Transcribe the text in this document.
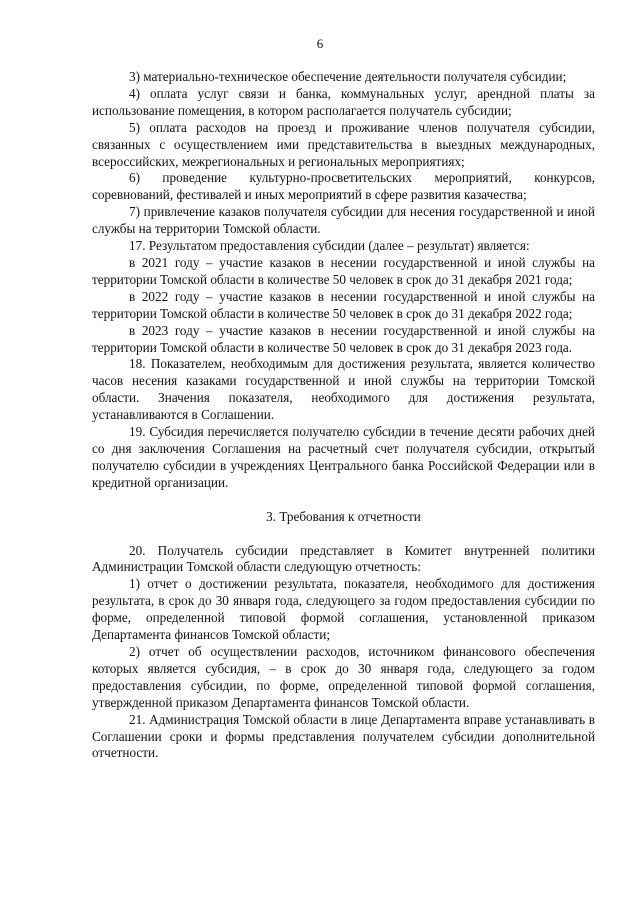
6

3) материально-техническое обеспечение деятельности получателя субсидии;

4) оплата услуг связи и банка, коммунальных услуг, арендной платы за использование помещения, в котором располагается получатель субсидии;

5) оплата расходов на проезд и проживание членов получателя субсидии, связанных с осуществлением ими представительства в выездных международных, всероссийских, межрегиональных и региональных мероприятиях;

6) проведение культурно-просветительских мероприятий, конкурсов, соревнований, фестивалей и иных мероприятий в сфере развития казачества;

7) привлечение казаков получателя субсидии для несения государственной и иной службы на территории Томской области.

17. Результатом предоставления субсидии (далее – результат) является:

в 2021 году – участие казаков в несении государственной и иной службы на территории Томской области в количестве 50 человек в срок до 31 декабря 2021 года;

в 2022 году – участие казаков в несении государственной и иной службы на территории Томской области в количестве 50 человек в срок до 31 декабря 2022 года;

в 2023 году – участие казаков в несении государственной и иной службы на территории Томской области в количестве 50 человек в срок до 31 декабря 2023 года.

18. Показателем, необходимым для достижения результата, является количество часов несения казаками государственной и иной службы на территории Томской области. Значения показателя, необходимого для достижения результата, устанавливаются в Соглашении.

19. Субсидия перечисляется получателю субсидии в течение десяти рабочих дней со дня заключения Соглашения на расчетный счет получателя субсидии, открытый получателю субсидии в учреждениях Центрального банка Российской Федерации или в кредитной организации.

3. Требования к отчетности

20. Получатель субсидии представляет в Комитет внутренней политики Администрации Томской области следующую отчетность:

1) отчет о достижении результата, показателя, необходимого для достижения результата, в срок до 30 января года, следующего за годом предоставления субсидии по форме, определенной типовой формой соглашения, установленной приказом Департамента финансов Томской области;

2) отчет об осуществлении расходов, источником финансового обеспечения которых является субсидия, – в срок до 30 января года, следующего за годом предоставления субсидии, по форме, определенной типовой формой соглашения, утвержденной приказом Департамента финансов Томской области.

21. Администрация Томской области в лице Департамента вправе устанавливать в Соглашении сроки и формы представления получателем субсидии дополнительной отчетности.
